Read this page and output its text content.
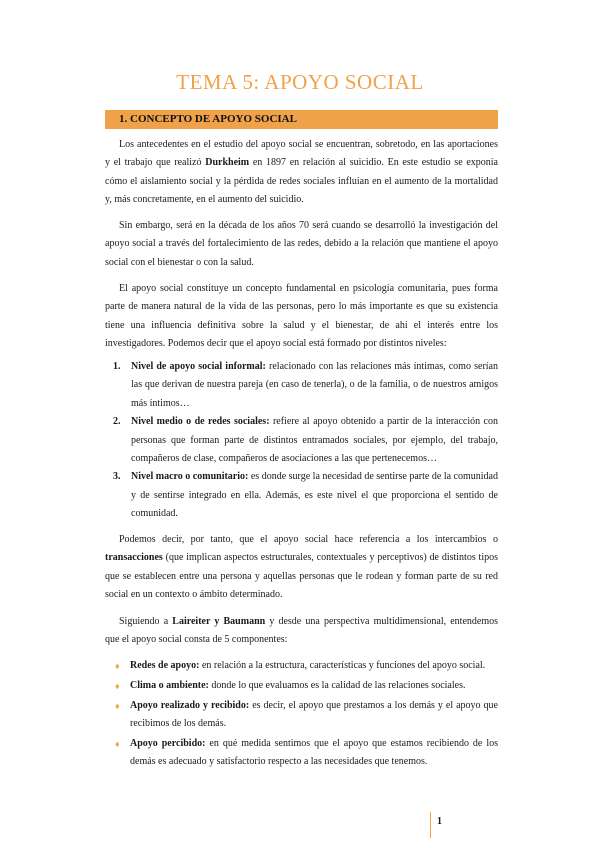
TEMA 5: APOYO SOCIAL
1. CONCEPTO DE APOYO SOCIAL

Los antecedentes en el estudio del apoyo social se encuentran, sobretodo, en las aportaciones y el trabajo que realizó Durkheim en 1897 en relación al suicidio. En este estudio se exponía cómo el aislamiento social y la pérdida de redes sociales influían en el aumento de la mortalidad y, más concretamente, en el aumento del suicidio.

Sin embargo, será en la década de los años 70 será cuando se desarrolló la investigación del apoyo social a través del fortalecimiento de las redes, debido a la relación que mantiene el apoyo social con el bienestar o con la salud.

El apoyo social constituye un concepto fundamental en psicología comunitaria, pues forma parte de manera natural de la vida de las personas, pero lo más importante es que su existencia tiene una influencia definitiva sobre la salud y el bienestar, de ahí el interés entre los investigadores. Podemos decir que el apoyo social está formado por distintos niveles:

1. Nivel de apoyo social informal: relacionado con las relaciones más íntimas, como serían las que derivan de nuestra pareja (en caso de tenerla), o de la familia, o de nuestros amigos más íntimos…
2. Nivel medio o de redes sociales: refiere al apoyo obtenido a partir de la interacción con personas que forman parte de distintos entramados sociales, por ejemplo, del trabajo, compañeros de clase, compañeros de asociaciones a las que pertenecemos…
3. Nivel macro o comunitario: es donde surge la necesidad de sentirse parte de la comunidad y de sentirse integrado en ella. Además, es este nivel el que proporciona el sentido de comunidad.

Podemos decir, por tanto, que el apoyo social hace referencia a los intercambios o transacciones (que implican aspectos estructurales, contextuales y perceptivos) de distintos tipos que se establecen entre una persona y aquellas personas que le rodean y forman parte de su red social en un contexto o ámbito determinado.

Siguiendo a Laireiter y Baumann y desde una perspectiva multidimensional, entendemos que el apoyo social consta de 5 componentes:

♦ Redes de apoyo: en relación a la estructura, características y funciones del apoyo social.
♦ Clima o ambiente: donde lo que evaluamos es la calidad de las relaciones sociales.
♦ Apoyo realizado y recibido: es decir, el apoyo que prestamos a los demás y el apoyo que recibimos de los demás.
♦ Apoyo percibido: en qué medida sentimos que el apoyo que estamos recibiendo de los demás es adecuado y satisfactorio respecto a las necesidades que tenemos.
1
